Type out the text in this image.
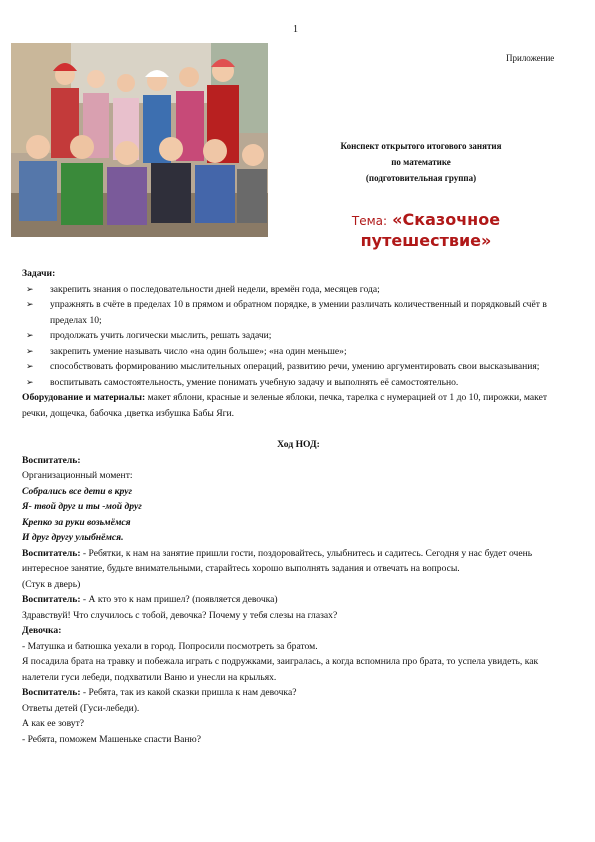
1
Приложение
Конспект открытого итогового занятия
по математике
(подготовительная группа)
Тема: «Сказочное путешествие»

Задачи:

➢	закрепить знания о последовательности дней недели, времён года, месяцев года;
➢	упражнять в счёте в пределах 10 в прямом и обратном порядке, в умении различать количественный и порядковый счёт в пределах 10;
➢	продолжать учить логически мыслить, решать задачи;
➢	закрепить умение называть число «на один больше»; «на один меньше»;
➢	способствовать формированию мыслительных операций, развитию речи, умению аргументировать свои высказывания;
➢	воспитывать самостоятельность, умение понимать учебную задачу и выполнять её самостоятельно.

Оборудование и материалы: макет яблони, красные и зеленые яблоки, печка, тарелка с нумерацией от 1 до 10, пирожки, макет речки, дощечка, бабочка ,цветка избушка Бабы Яги.

Ход НОД:

Воспитатель:

Организационный момент:

Собрались все дети в круг

Я- твой друг и ты -мой друг

Крепко за руки возьмёмся

И друг другу улыбнёмся.

Воспитатель: - Ребятки, к нам на занятие пришли гости, поздоровайтесь, улыбнитесь и садитесь. Сегодня у нас будет очень интересное занятие, будьте внимательными, старайтесь хорошо выполнять задания и отвечать на вопросы.

(Стук в дверь)

Воспитатель: - А кто это к нам пришел? (появляется девочка)

Здравствуй! Что случилось с тобой, девочка? Почему у тебя слезы на глазах?

Девочка:

- Матушка и батюшка уехали в город. Попросили посмотреть за братом.

Я посадила брата на травку и побежала играть с подружками, заигралась, а когда вспомнила про брата, то успела увидеть, как налетели гуси лебеди, подхватили Ваню и унесли на крыльях.

Воспитатель: - Ребята, так из какой сказки пришла к нам девочка?

Ответы детей (Гуси-лебеди).

А как ее зовут?

- Ребята, поможем Машеньке спасти Ваню?
